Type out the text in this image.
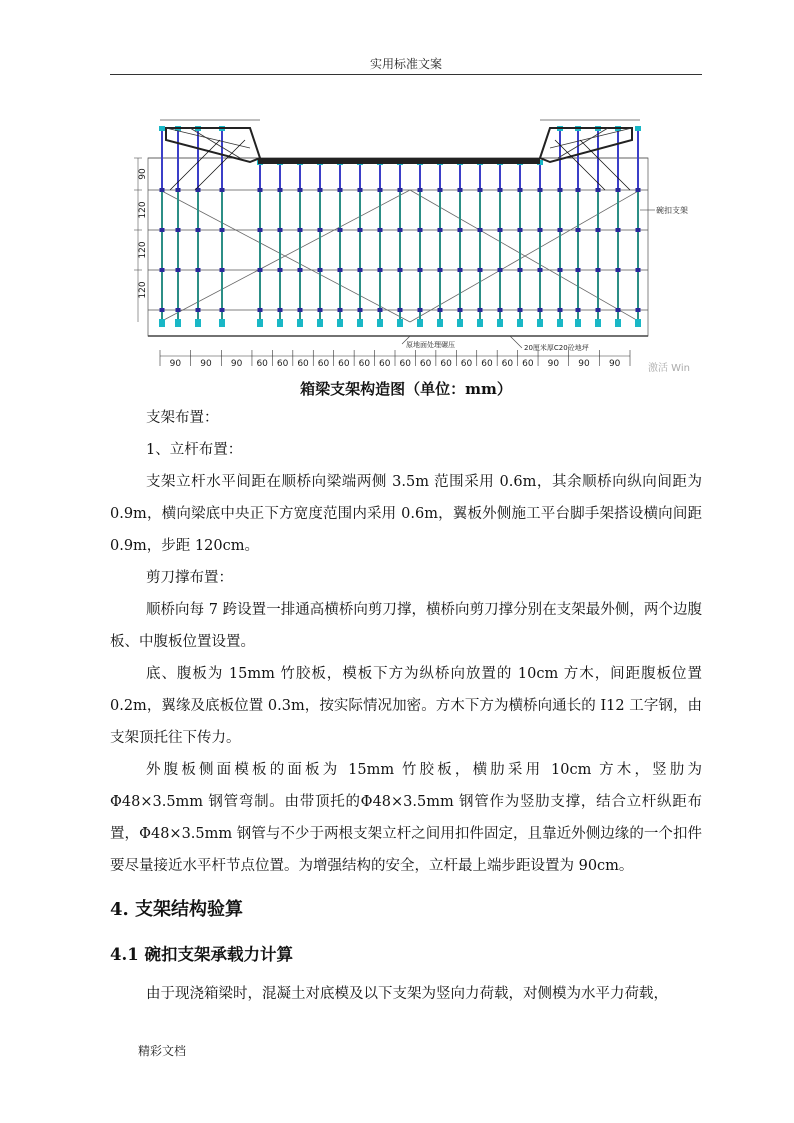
实用标准文案
90
120
120
120
碗扣支架
原地面处理碾压	20厘米厚C20砼地坪
90 90 90 60 60 60 60 60 60 60 60 60 60 60 60 60 60 90 90 90	激活 Win
箱梁支架构造图（单位：mm）

支架布置：

1、立杆布置：

支架立杆水平间距在顺桥向梁端两侧 3.5m 范围采用 0.6m，其余顺桥向纵向间距为 0.9m，横向梁底中央正下方宽度范围内采用 0.6m，翼板外侧施工平台脚手架搭设横向间距 0.9m，步距 120cm。

剪刀撑布置：

顺桥向每 7 跨设置一排通高横桥向剪刀撑，横桥向剪刀撑分别在支架最外侧，两个边腹板、中腹板位置设置。

底、腹板为 15mm 竹胶板，模板下方为纵桥向放置的 10cm 方木，间距腹板位置 0.2m，翼缘及底板位置 0.3m，按实际情况加密。方木下方为横桥向通长的 I12 工字钢，由支架顶托往下传力。

外腹板侧面模板的面板为 15mm 竹胶板，横肋采用 10cm 方木，竖肋为Φ48×3.5mm 钢管弯制。由带顶托的Φ48×3.5mm 钢管作为竖肋支撑，结合立杆纵距布置，Φ48×3.5mm 钢管与不少于两根支架立杆之间用扣件固定，且靠近外侧边缘的一个扣件要尽量接近水平杆节点位置。为增强结构的安全，立杆最上端步距设置为 90cm。

4. 支架结构验算
4.1 碗扣支架承载力计算

由于现浇箱梁时，混凝土对底模及以下支架为竖向力荷载，对侧模为水平力荷载，

精彩文档
